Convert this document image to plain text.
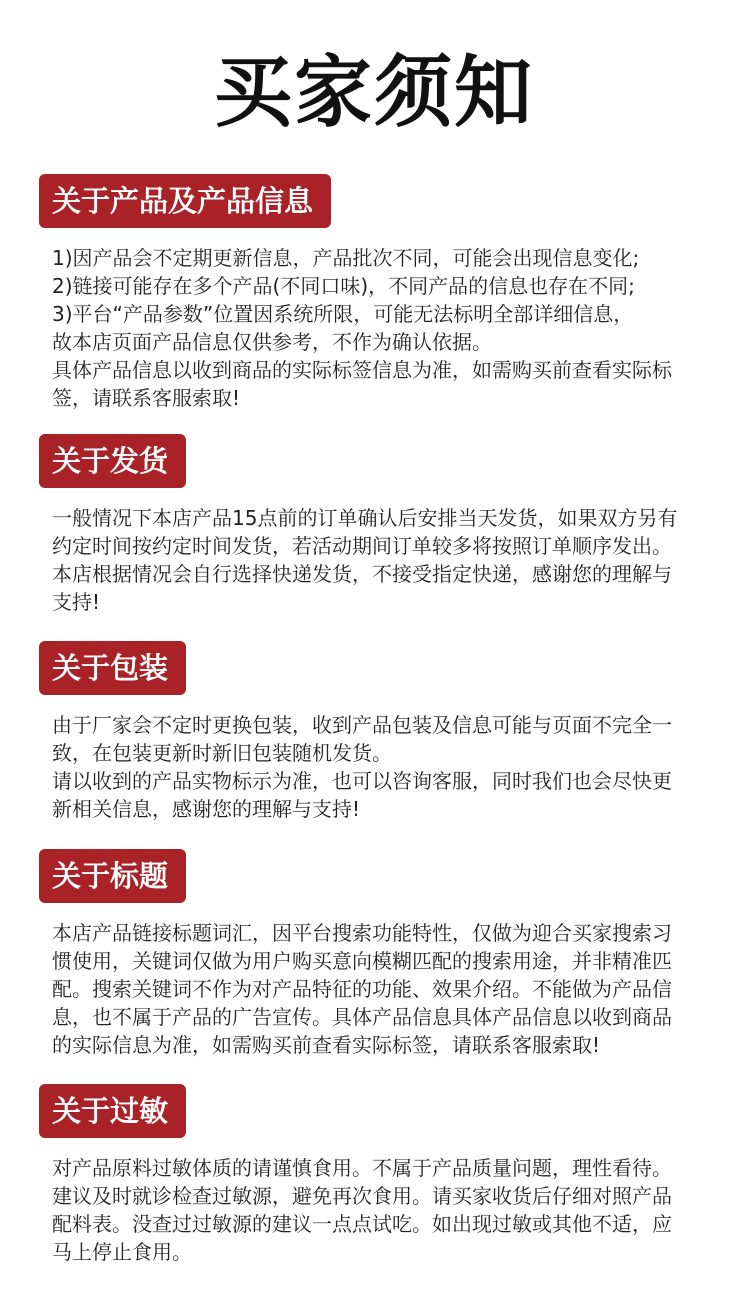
买家须知
关于产品及产品信息

1)因产品会不定期更新信息，产品批次不同，可能会出现信息变化;
2)链接可能存在多个产品(不同口味)，不同产品的信息也存在不同;
3)平台“产品参数”位置因系统所限，可能无法标明全部详细信息，
故本店页面产品信息仅供参考，不作为确认依据。
具体产品信息以收到商品的实际标签信息为准，如需购买前查看实际标
签，请联系客服索取!

关于发货

一般情况下本店产品15点前的订单确认后安排当天发货，如果双方另有
约定时间按约定时间发货，若活动期间订单较多将按照订单顺序发出。
本店根据情况会自行选择快递发货，不接受指定快递，感谢您的理解与
支持!

关于包装

由于厂家会不定时更换包装，收到产品包装及信息可能与页面不完全一
致，在包装更新时新旧包装随机发货。
请以收到的产品实物标示为准，也可以咨询客服，同时我们也会尽快更
新相关信息，感谢您的理解与支持!

关于标题

本店产品链接标题词汇，因平台搜索功能特性，仅做为迎合买家搜索习
惯使用，关键词仅做为用户购买意向模糊匹配的搜索用途，并非精准匹
配。搜索关键词不作为对产品特征的功能、效果介绍。不能做为产品信
息，也不属于产品的广告宣传。具体产品信息具体产品信息以收到商品
的实际信息为准，如需购买前查看实际标签，请联系客服索取!

关于过敏

对产品原料过敏体质的请谨慎食用。不属于产品质量问题，理性看待。
建议及时就诊检查过敏源，避免再次食用。请买家收货后仔细对照产品
配料表。没查过过敏源的建议一点点试吃。如出现过敏或其他不适，应
马上停止食用。
